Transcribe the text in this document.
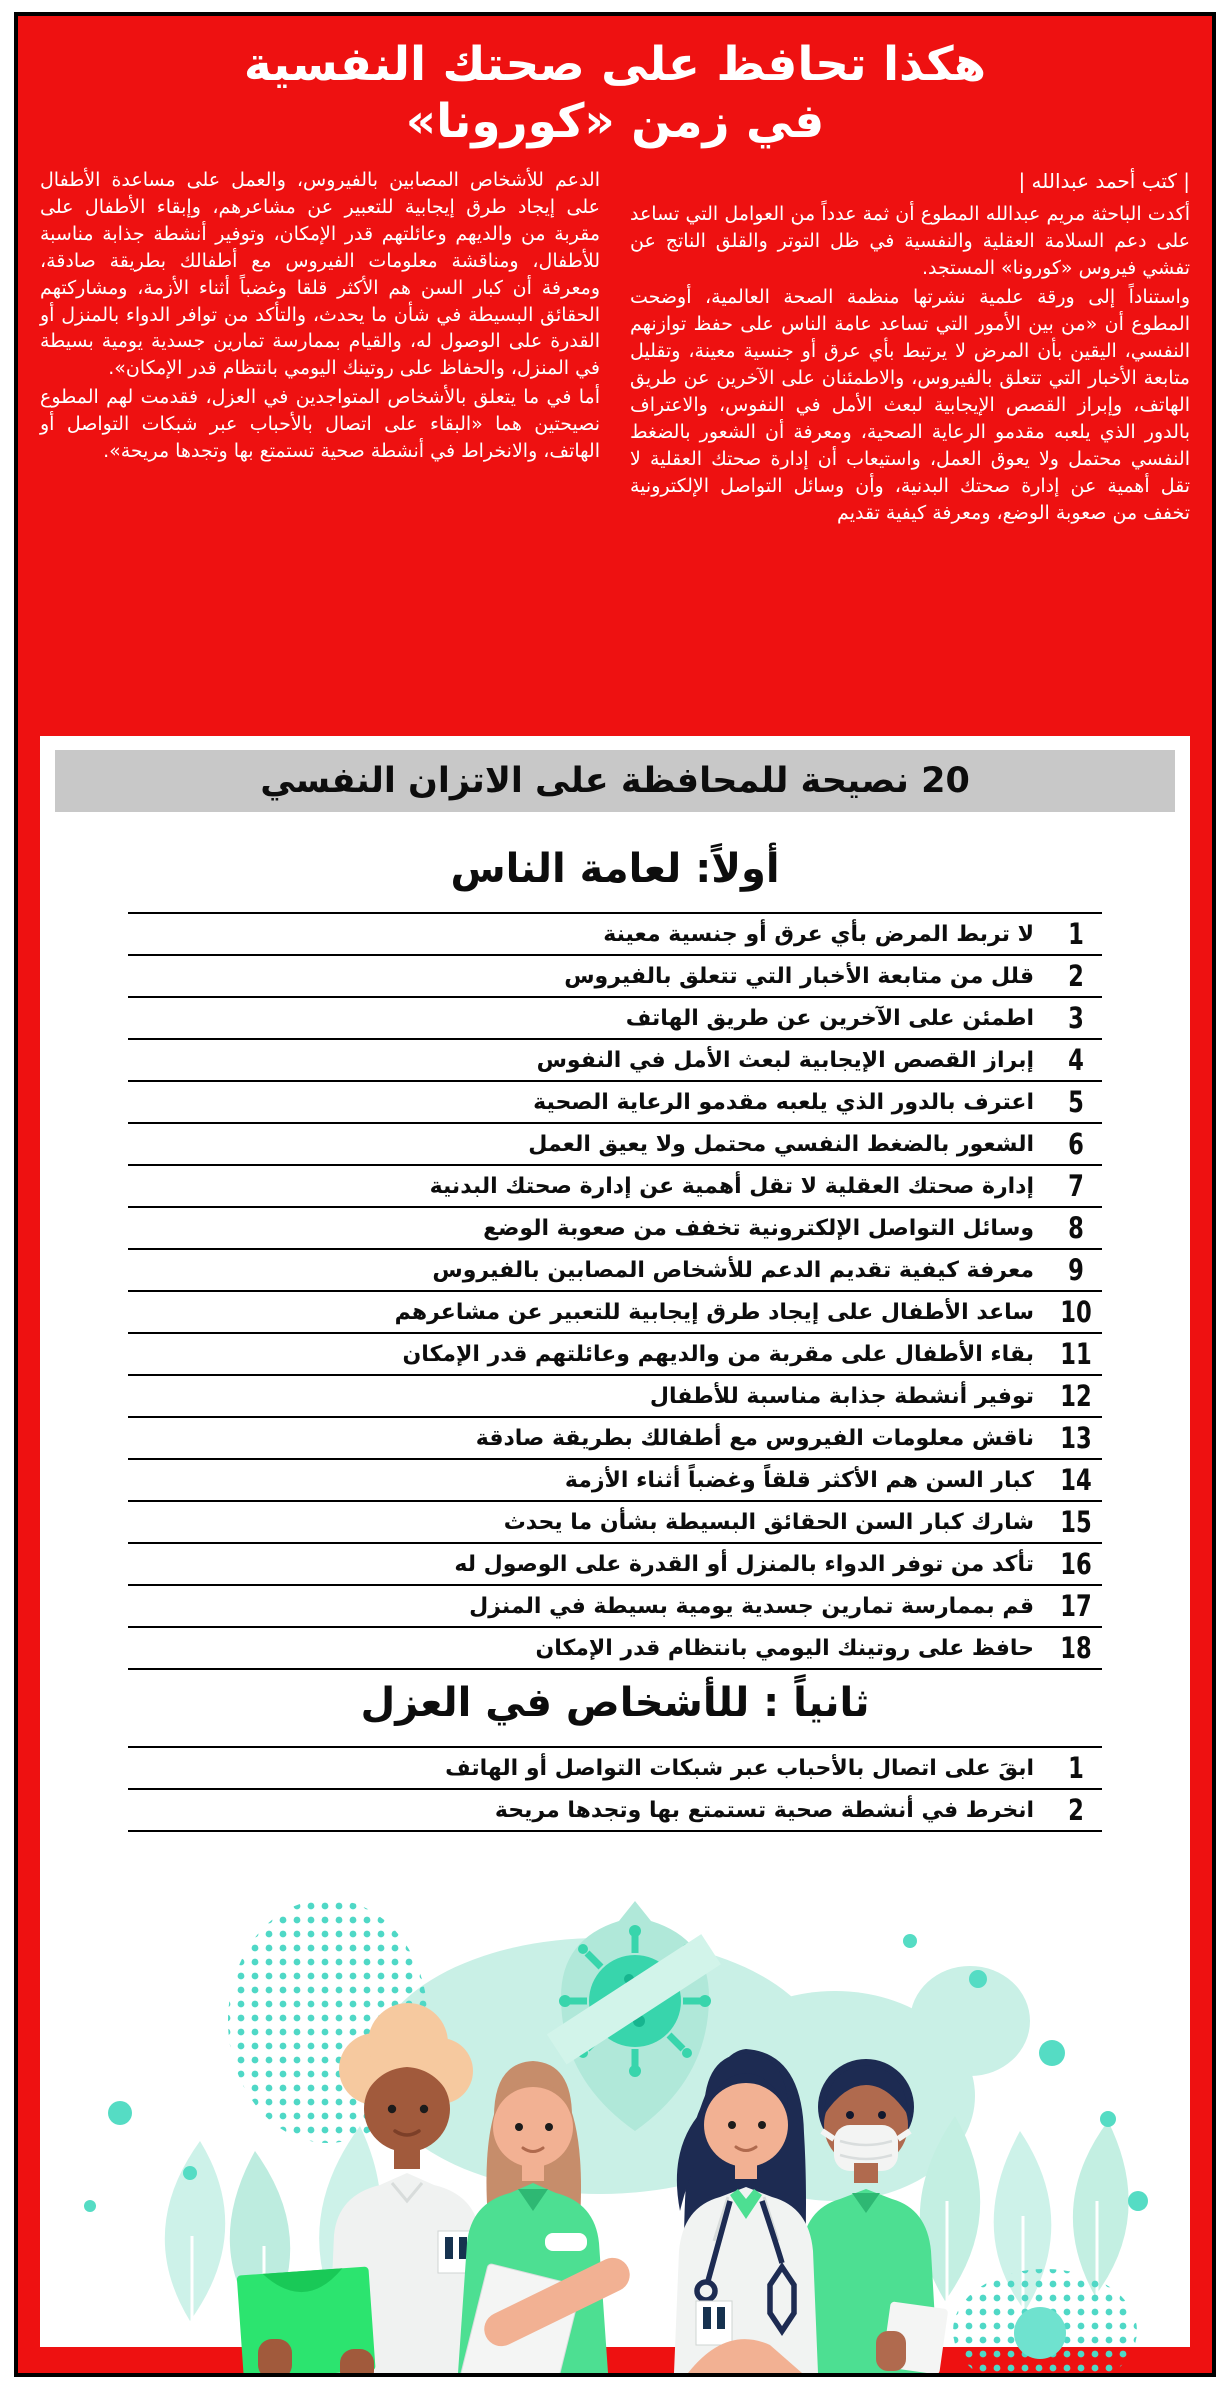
هكذا تحافظ على صحتك النفسية
في زمن «كورونا»
| كتب أحمد عبدالله |

أكدت الباحثة مريم عبدالله المطوع أن ثمة عدداً من العوامل التي تساعد على دعم السلامة العقلية والنفسية في ظل التوتر والقلق الناتج عن تفشي فيروس «كورونا» المستجد.

واستناداً إلى ورقة علمية نشرتها منظمة الصحة العالمية، أوضحت المطوع أن «من بين الأمور التي تساعد عامة الناس على حفظ توازنهم النفسي، اليقين بأن المرض لا يرتبط بأي عرق أو جنسية معينة، وتقليل متابعة الأخبار التي تتعلق بالفيروس، والاطمئنان على الآخرين عن طريق الهاتف، وإبراز القصص الإيجابية لبعث الأمل في النفوس، والاعتراف بالدور الذي يلعبه مقدمو الرعاية الصحية، ومعرفة أن الشعور بالضغط النفسي محتمل ولا يعوق العمل، واستيعاب أن إدارة صحتك العقلية لا تقل أهمية عن إدارة صحتك البدنية، وأن وسائل التواصل الإلكترونية تخفف من صعوبة الوضع، ومعرفة كيفية تقديم

الدعم للأشخاص المصابين بالفيروس، والعمل على مساعدة الأطفال على إيجاد طرق إيجابية للتعبير عن مشاعرهم، وإبقاء الأطفال على مقربة من والديهم وعائلتهم قدر الإمكان، وتوفير أنشطة جذابة مناسبة للأطفال، ومناقشة معلومات الفيروس مع أطفالك بطريقة صادقة، ومعرفة أن كبار السن هم الأكثر قلقا وغضباً أثناء الأزمة، ومشاركتهم الحقائق البسيطة في شأن ما يحدث، والتأكد من توافر الدواء بالمنزل أو القدرة على الوصول له، والقيام بممارسة تمارين جسدية يومية بسيطة في المنزل، والحفاظ على روتينك اليومي بانتظام قدر الإمكان».

أما في ما يتعلق بالأشخاص المتواجدين في العزل، فقدمت لهم المطوع نصيحتين هما «البقاء على اتصال بالأحباب عبر شبكات التواصل أو الهاتف، والانخراط في أنشطة صحية تستمتع بها وتجدها مريحة».

20 نصيحة للمحافظة على الاتزان النفسي
أولاً: لعامة الناس
1
لا تربط المرض بأي عرق أو جنسية معينة
2
قلل من متابعة الأخبار التي تتعلق بالفيروس
3
اطمئن على الآخرين عن طريق الهاتف
4
إبراز القصص الإيجابية لبعث الأمل في النفوس
5
اعترف بالدور الذي يلعبه مقدمو الرعاية الصحية
6
الشعور بالضغط النفسي محتمل ولا يعيق العمل
7
إدارة صحتك العقلية لا تقل أهمية عن إدارة صحتك البدنية
8
وسائل التواصل الإلكترونية تخفف من صعوبة الوضع
9
معرفة كيفية تقديم الدعم للأشخاص المصابين بالفيروس
10
ساعد الأطفال على إيجاد طرق إيجابية للتعبير عن مشاعرهم
11
بقاء الأطفال على مقربة من والديهم وعائلتهم قدر الإمكان
12
توفير أنشطة جذابة مناسبة للأطفال
13
ناقش معلومات الفيروس مع أطفالك بطريقة صادقة
14
كبار السن هم الأكثر قلقاً وغضباً أثناء الأزمة
15
شارك كبار السن الحقائق البسيطة بشأن ما يحدث
16
تأكد من توفر الدواء بالمنزل أو القدرة على الوصول له
17
قم بممارسة تمارين جسدية يومية بسيطة في المنزل
18
حافظ على روتينك اليومي بانتظام قدر الإمكان
ثانياً : للأشخاص في العزل
1
ابقَ على اتصال بالأحباب عبر شبكات التواصل أو الهاتف
2
انخرط في أنشطة صحية تستمتع بها وتجدها مريحة
